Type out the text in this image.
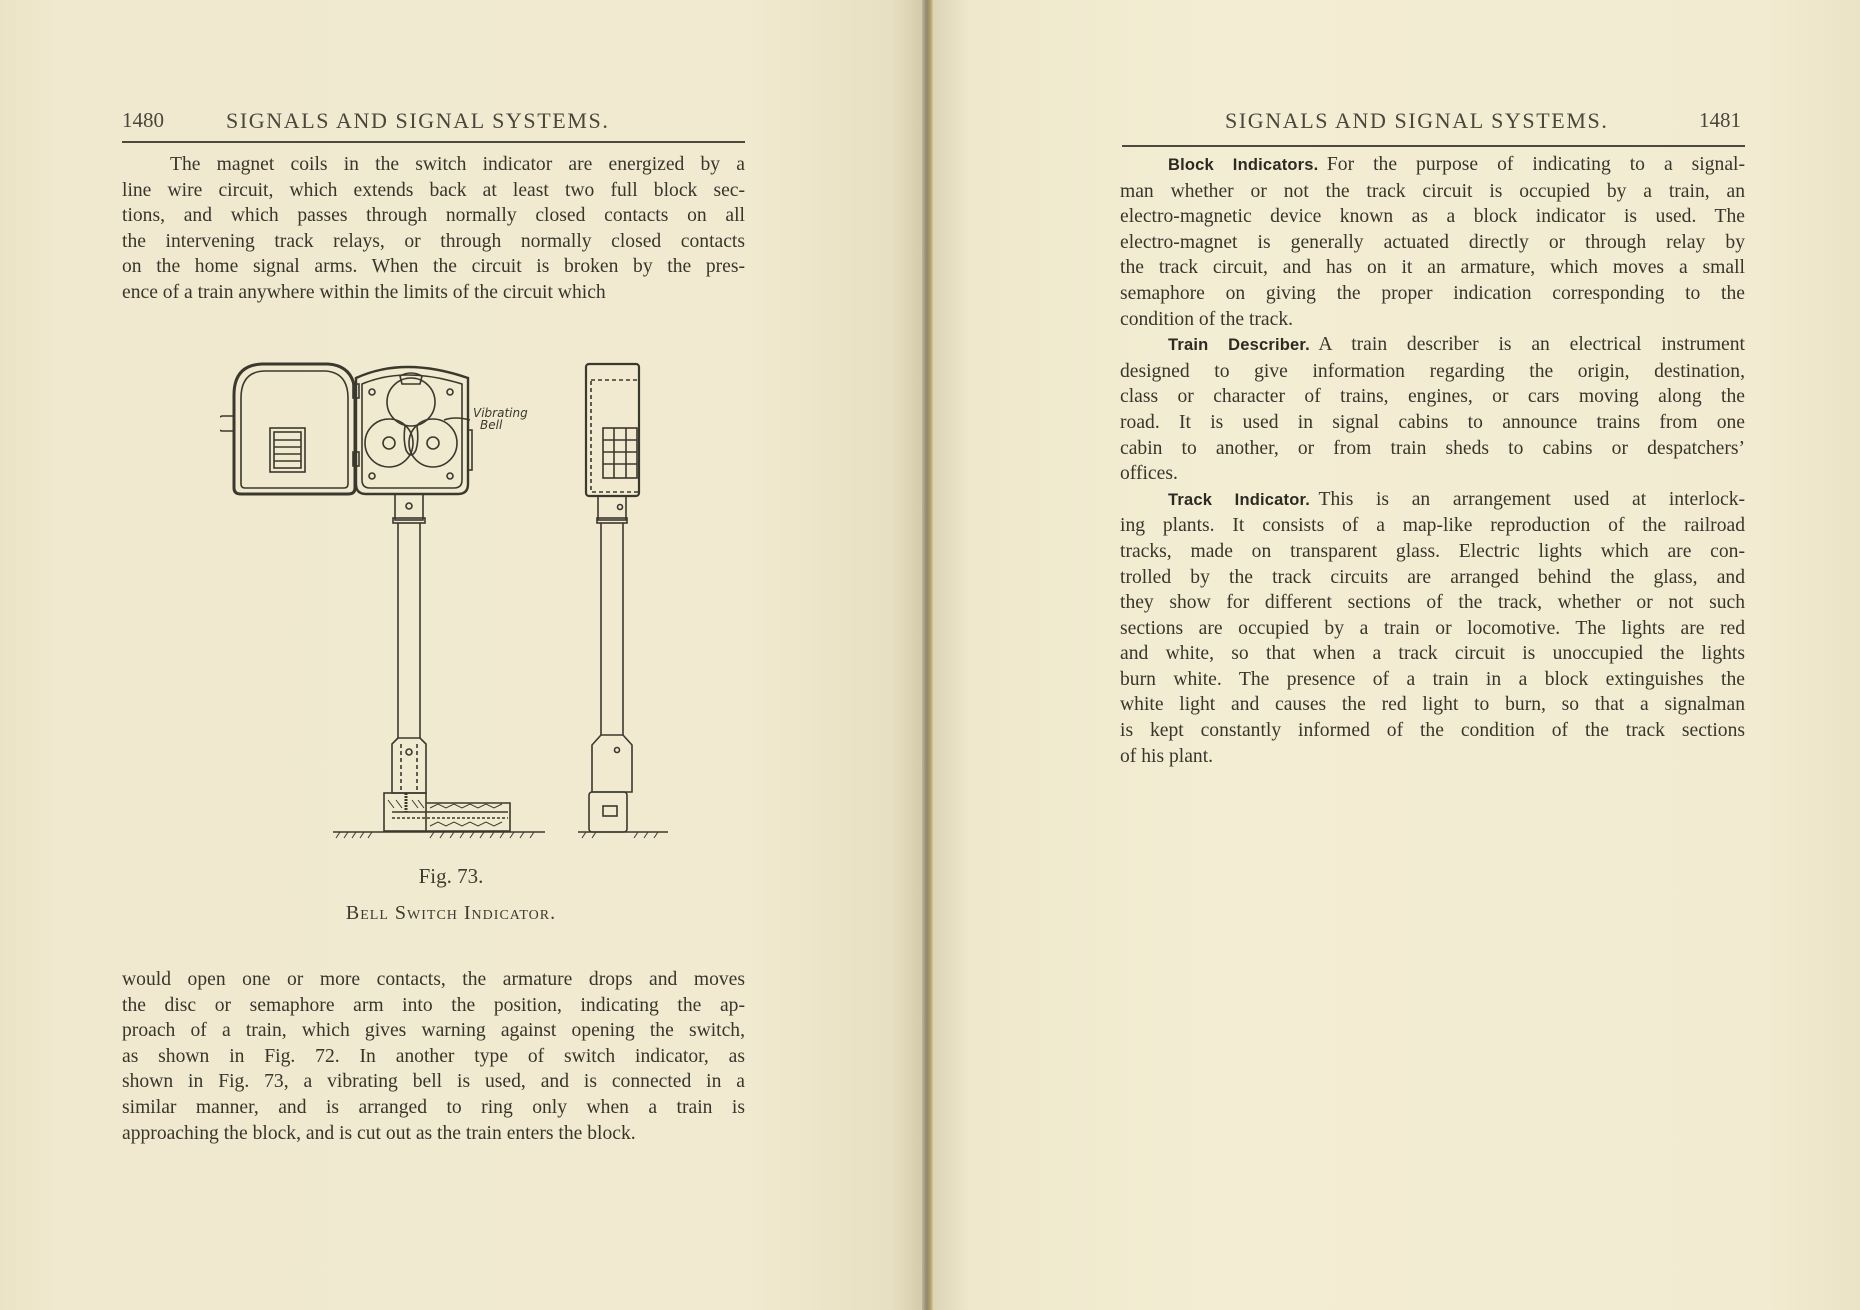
1480	SIGNALS AND SIGNAL SYSTEMS.
The magnet coils in the switch indicator are energized by a
line wire circuit, which extends back at least two full block sec-
tions, and which passes through normally closed contacts on all
the intervening track relays, or through normally closed contacts
on the home signal arms. When the circuit is broken by the pres-
ence of a train anywhere within the limits of the circuit which
Vibrating
Bell
Fig. 73.
Bell Switch Indicator.
would open one or more contacts, the armature drops and moves
the disc or semaphore arm into the position, indicating the ap-
proach of a train, which gives warning against opening the switch,
as shown in Fig. 72. In another type of switch indicator, as
shown in Fig. 73, a vibrating bell is used, and is connected in a
similar manner, and is arranged to ring only when a train is
approaching the block, and is cut out as the train enters the block.
SIGNALS AND SIGNAL SYSTEMS.	1481
Block Indicators. For the purpose of indicating to a signal-
man whether or not the track circuit is occupied by a train, an
electro-magnetic device known as a block indicator is used. The
electro-magnet is generally actuated directly or through relay by
the track circuit, and has on it an armature, which moves a small
semaphore on giving the proper indication corresponding to the
condition of the track.
Train Describer. A train describer is an electrical instrument
designed to give information regarding the origin, destination,
class or character of trains, engines, or cars moving along the
road. It is used in signal cabins to announce trains from one
cabin to another, or from train sheds to cabins or despatchers’
offices.
Track Indicator. This is an arrangement used at interlock-
ing plants. It consists of a map-like reproduction of the railroad
tracks, made on transparent glass. Electric lights which are con-
trolled by the track circuits are arranged behind the glass, and
they show for different sections of the track, whether or not such
sections are occupied by a train or locomotive. The lights are red
and white, so that when a track circuit is unoccupied the lights
burn white. The presence of a train in a block extinguishes the
white light and causes the red light to burn, so that a signalman
is kept constantly informed of the condition of the track sections
of his plant.
